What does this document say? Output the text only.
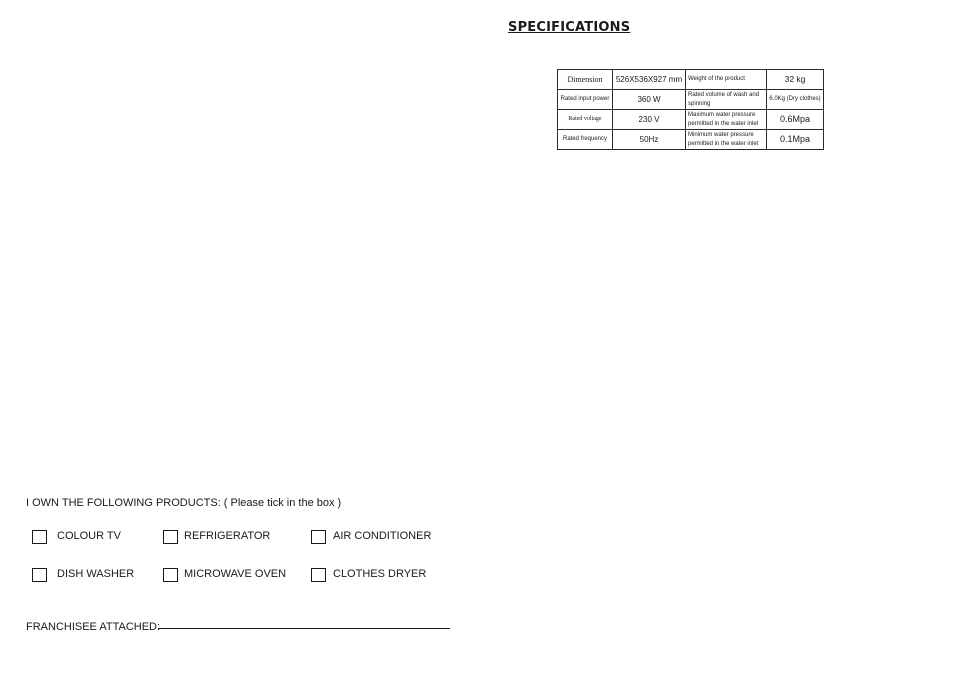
SPECIFICATIONS
Dimension	526X536X927 mm	Weight of the product	32 kg
Rated input power	360 W	Rated volume of wash and spinning	6.0Kg (Dry clothes)
Rated voltage	230 V	Maximum water pressure permitted in the water inlet	0.6Mpa
Rated frequency	50Hz	Minimum water pressure permitted in the water inlet	0.1Mpa
I OWN THE FOLLOWING PRODUCTS: ( Please tick in the box )
COLOUR TV	REFRIGERATOR	AIR CONDITIONER
DISH WASHER	MICROWAVE OVEN	CLOTHES DRYER
FRANCHISEE ATTACHED:
